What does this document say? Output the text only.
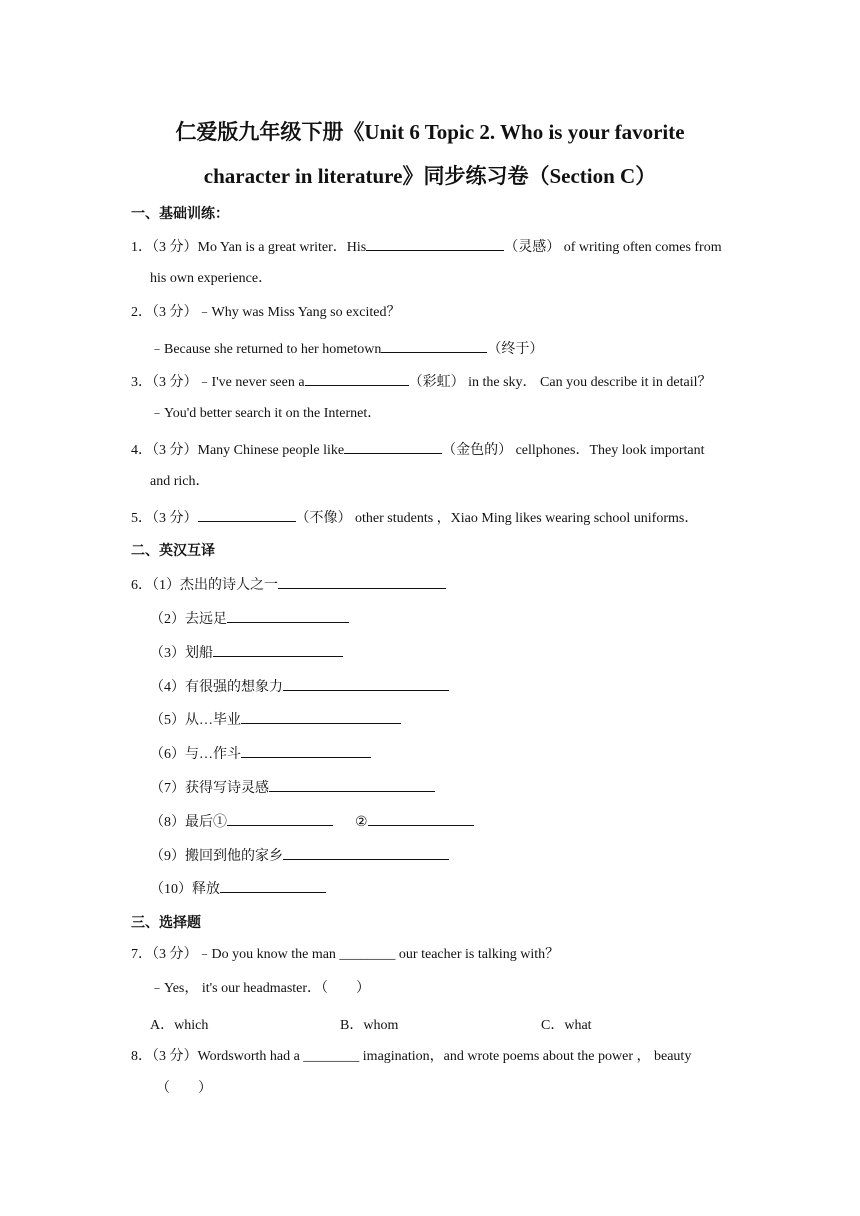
仁爱版九年级下册《Unit 6 Topic 2. Who is your favorite
character in literature》同步练习卷（Section C）
一、基础训练：
1．（3 分）Mo Yan is a great writer．His	（灵感） of writing often comes from
his own experience．
2．（3 分）﹣Why was Miss Yang so excited？
﹣Because she returned to her hometown	（终于）
3．（3 分）﹣I've never seen a	（彩虹） in the sky． Can you describe it in detail？
﹣You'd better search it on the Internet．
4．（3 分）Many Chinese people like	（金色的） cellphones．They look important
and rich．
5．（3 分）	（不像） other students ，Xiao Ming likes wearing school uniforms．
二、英汉互译
6．（1）杰出的诗人之一
（2）去远足
（3）划船
（4）有很强的想象力
（5）从…毕业
（6）与…作斗
（7）获得写诗灵感
（8）最后①	②
（9）搬回到他的家乡
（10）释放
三、选择题
7．（3 分）﹣Do you know the man ________ our teacher is talking with？
﹣Yes， it's our headmaster．（　　）
A．which	B．whom	C．what
8．（3 分）Wordsworth had a ________ imagination，and wrote poems about the power ， beauty
（　　）
